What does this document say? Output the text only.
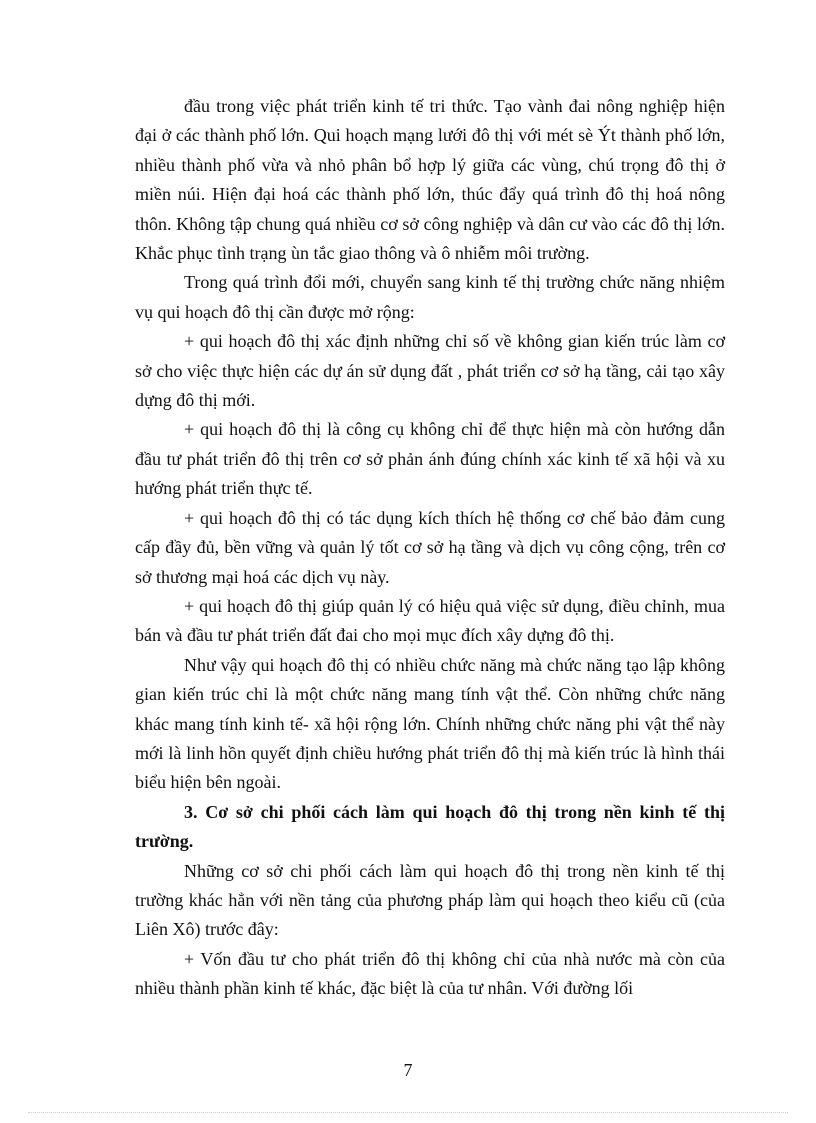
đầu trong việc phát triển kinh tế tri thức. Tạo vành đai nông nghiệp hiện đại ở các thành phố lớn. Qui hoạch mạng lưới đô thị với mét sè Ýt thành phố lớn, nhiều thành phố vừa và nhỏ phân bổ hợp lý giữa các vùng, chú trọng đô thị ở miền núi. Hiện đại hoá các thành phố lớn, thúc đẩy quá trình đô thị hoá nông thôn. Không tập chung quá nhiều cơ sở công nghiệp và dân cư vào các đô thị lớn. Khắc phục tình trạng ùn tắc giao thông và ô nhiễm môi trường.

Trong quá trình đổi mới, chuyển sang kinh tế thị trường chức năng nhiệm vụ qui hoạch đô thị cần được mở rộng:

+ qui hoạch đô thị xác định những chỉ số về không gian kiến trúc làm cơ sở cho việc thực hiện các dự án sử dụng đất , phát triển cơ sở hạ tầng, cải tạo xây dựng đô thị mới.

+ qui hoạch đô thị là công cụ không chỉ để thực hiện mà còn hướng dẫn đầu tư phát triển đô thị trên cơ sở phản ánh đúng chính xác kinh tế xã hội và xu hướng phát triển thực tế.

+ qui hoạch đô thị có tác dụng kích thích hệ thống cơ chế bảo đảm cung cấp đầy đủ, bền vững và quản lý tốt cơ sở hạ tầng và dịch vụ công cộng, trên cơ sở thương mại hoá các dịch vụ này.

+ qui hoạch đô thị giúp quản lý có hiệu quả việc sử dụng, điều chỉnh, mua bán và đầu tư phát triển đất đai cho mọi mục đích xây dựng đô thị.

Như vậy qui hoạch đô thị có nhiều chức năng mà chức năng tạo lập không gian kiến trúc chỉ là một chức năng mang tính vật thể. Còn những chức năng khác mang tính kinh tế- xã hội rộng lớn. Chính những chức năng phi vật thể này mới là linh hồn quyết định chiều hướng phát triển đô thị mà kiến trúc là hình thái biểu hiện bên ngoài.

3. Cơ sở chi phối cách làm qui hoạch đô thị trong nền kinh tế thị trường.

Những cơ sở chi phối cách làm qui hoạch đô thị trong nền kinh tế thị trường khác hẳn với nền tảng của phương pháp làm qui hoạch theo kiểu cũ (của Liên Xô) trước đây:

+ Vốn đầu tư cho phát triển đô thị không chỉ của nhà nước mà còn của nhiều thành phần kinh tế khác, đặc biệt là của tư nhân. Với đường lối

7
